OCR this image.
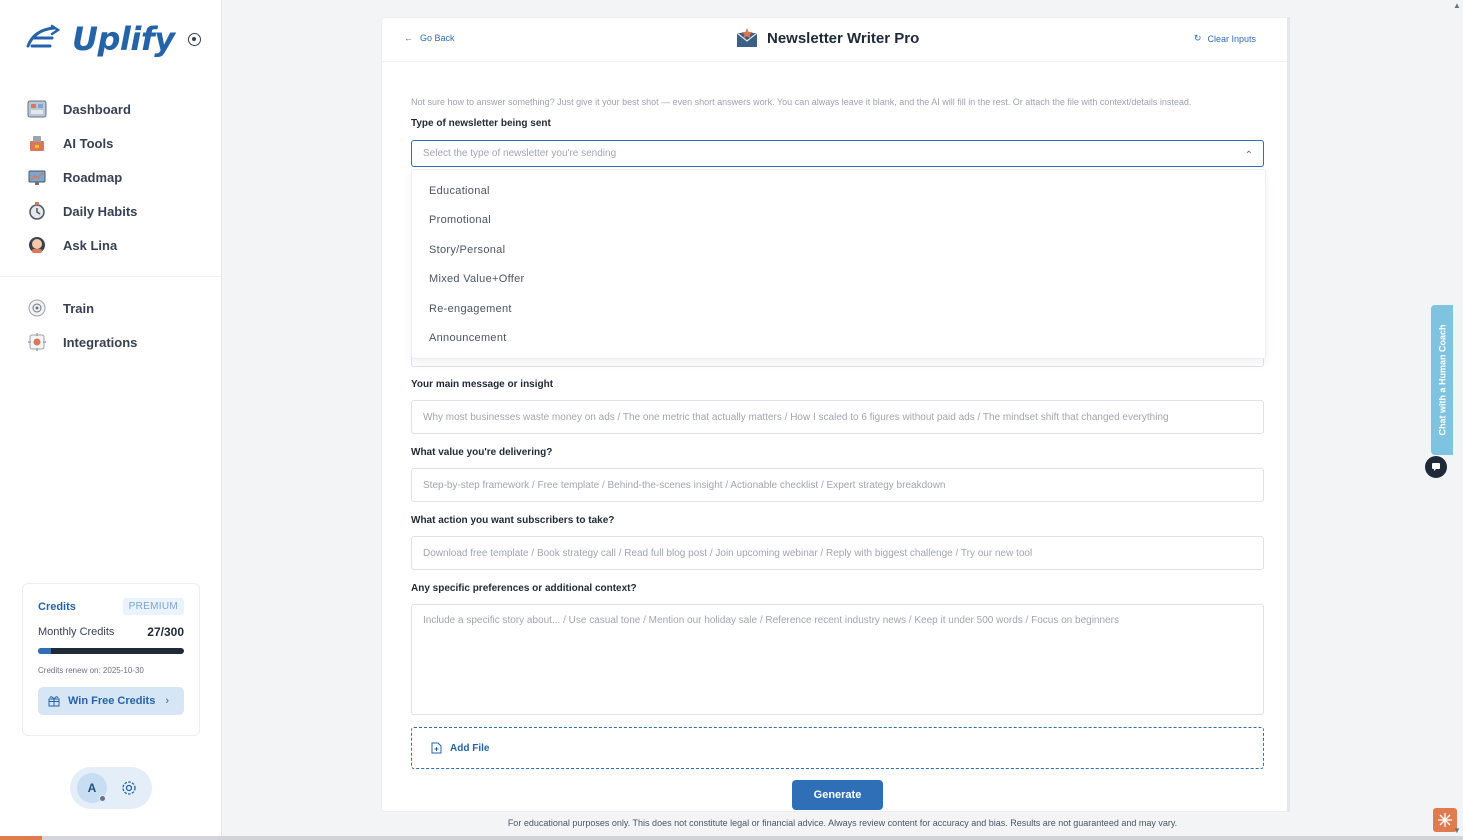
Uplify
Dashboard
AI Tools
Roadmap
Daily Habits
Ask Lina
Train
Integrations
Credits	PREMIUM
Monthly Credits	27/300
Credits renew on: 2025-10-30
Win Free Credits ›
A
← Go Back	Newsletter Writer Pro	↻ Clear Inputs
Not sure how to answer something? Just give it your best shot — even short answers work. You can always leave it blank, and the AI will fill in the rest. Or attach the file with context/details instead.
Type of newsletter being sent
Select the type of newsletter you're sending	⌃
Your main message or insight
Why most businesses waste money on ads / The one metric that actually matters / How I scaled to 6 figures without paid ads / The mindset shift that changed everything
What value you're delivering?
Step-by-step framework / Free template / Behind-the-scenes insight / Actionable checklist / Expert strategy breakdown
What action you want subscribers to take?
Download free template / Book strategy call / Read full blog post / Join upcoming webinar / Reply with biggest challenge / Try our new tool
Any specific preferences or additional context?
Include a specific story about... / Use casual tone / Mention our holiday sale / Reference recent industry news / Keep it under 500 words / Focus on beginners
Educational
Promotional
Story/Personal
Mixed Value+Offer
Re-engagement
Announcement
Add File
Generate
For educational purposes only. This does not constitute legal or financial advice. Always review content for accuracy and bias. Results are not guaranteed and may vary.
Chat with a Human Coach
▲
▼
